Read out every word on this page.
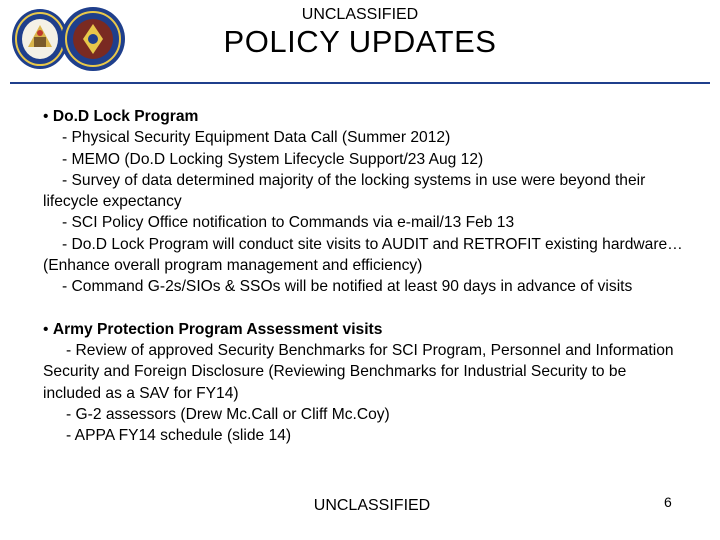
UNCLASSIFIED
POLICY UPDATES
• Do.D Lock Program
- Physical Security Equipment Data Call (Summer 2012)
- MEMO (Do.D Locking System Lifecycle Support/23 Aug 12)
- Survey of data determined majority of the locking systems in use were beyond their lifecycle expectancy
- SCI Policy Office notification to Commands via e-mail/13 Feb 13
- Do.D Lock Program will conduct site visits to AUDIT and RETROFIT existing hardware…(Enhance overall program management and efficiency)
- Command G-2s/SIOs & SSOs will be notified at least 90 days in advance of visits
• Army Protection Program Assessment visits
- Review of approved Security Benchmarks for SCI Program, Personnel and Information Security and Foreign Disclosure (Reviewing Benchmarks for Industrial Security to be included as a SAV for FY14)
- G-2 assessors (Drew Mc.Call or Cliff Mc.Coy)
- APPA FY14 schedule (slide 14)
UNCLASSIFIED	6
